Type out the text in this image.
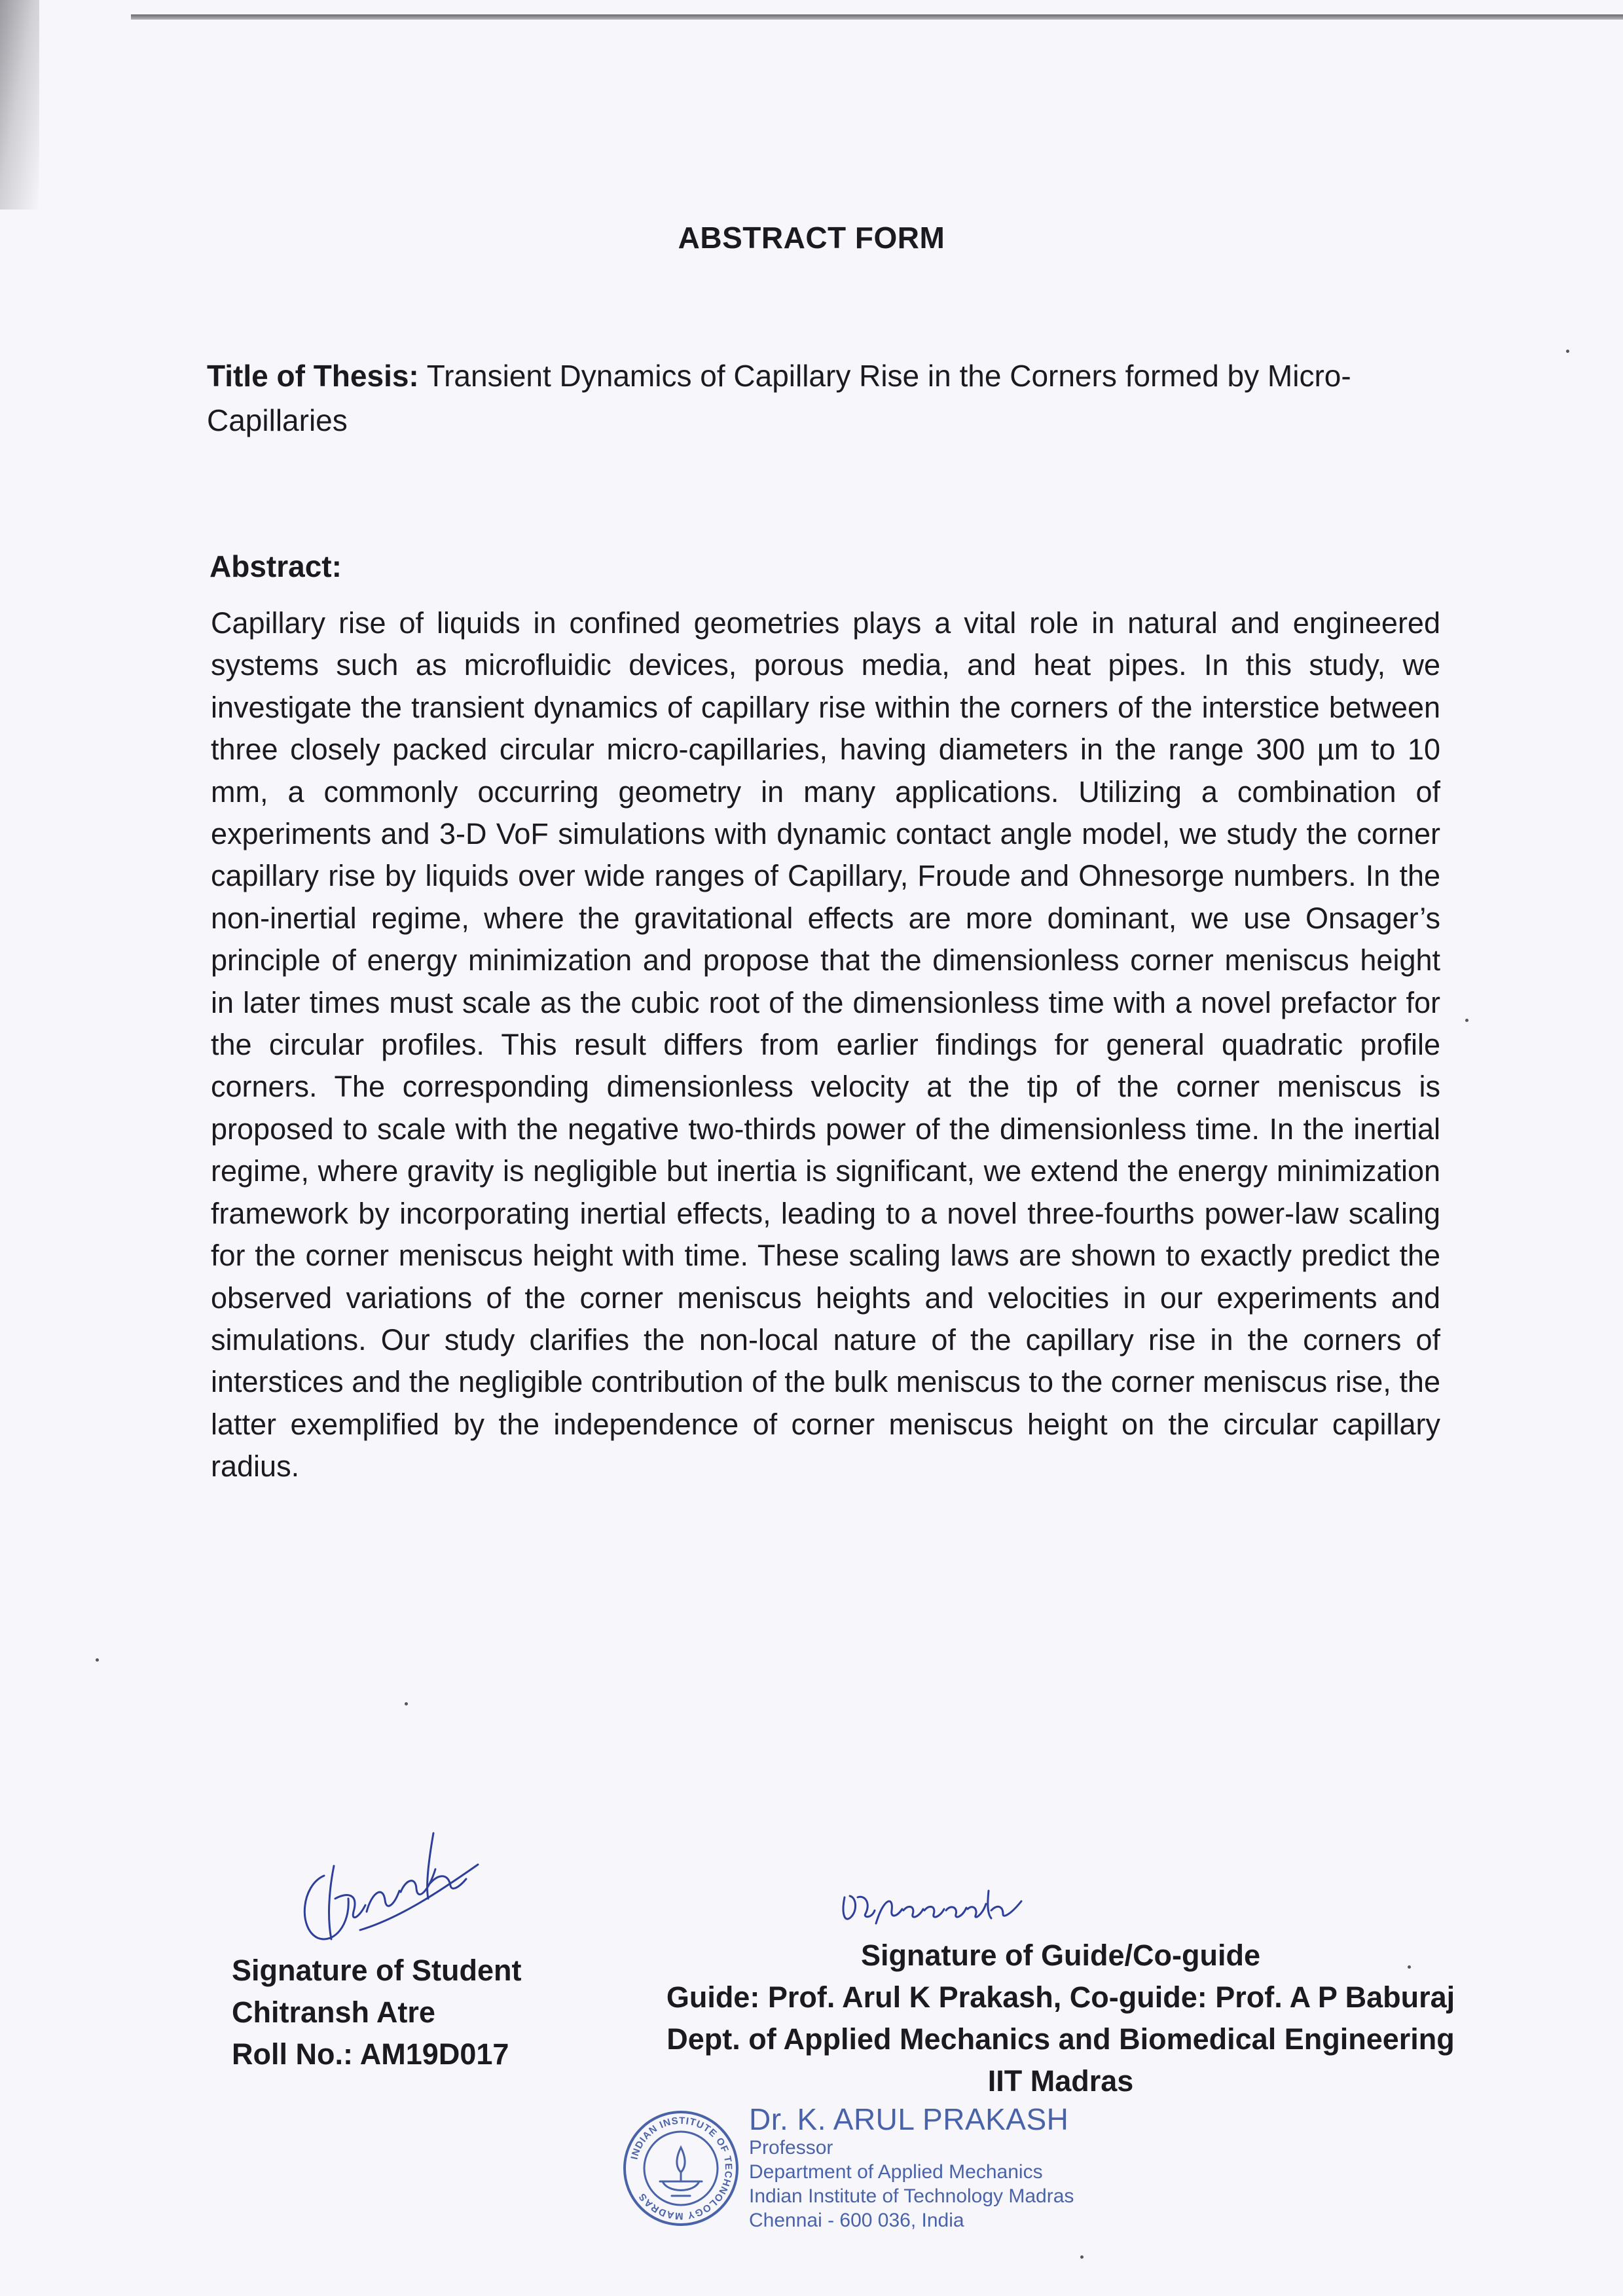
ABSTRACT FORM
Title of Thesis: Transient Dynamics of Capillary Rise in the Corners formed by Micro-Capillaries
Abstract:
Capillary rise of liquids in confined geometries plays a vital role in natural and engineered systems such as microfluidic devices, porous media, and heat pipes. In this study, we investigate the transient dynamics of capillary rise within the corners of the interstice between three closely packed circular micro-capillaries, having diameters in the range 300 µm to 10 mm, a commonly occurring geometry in many applications. Utilizing a combination of experiments and 3-D VoF simulations with dynamic contact angle model, we study the corner capillary rise by liquids over wide ranges of Capillary, Froude and Ohnesorge numbers. In the non-inertial regime, where the gravitational effects are more dominant, we use Onsager’s principle of energy minimization and propose that the dimensionless corner meniscus height in later times must scale as the cubic root of the dimensionless time with a novel prefactor for the circular profiles. This result differs from earlier findings for general quadratic profile corners. The corresponding dimensionless velocity at the tip of the corner meniscus is proposed to scale with the negative two-thirds power of the dimensionless time. In the inertial regime, where gravity is negligible but inertia is significant, we extend the energy minimization framework by incorporating inertial effects, leading to a novel three-fourths power-law scaling for the corner meniscus height with time. These scaling laws are shown to exactly predict the observed variations of the corner meniscus heights and velocities in our experiments and simulations. Our study clarifies the non-local nature of the capillary rise in the corners of interstices and the negligible contribution of the bulk meniscus to the corner meniscus rise, the latter exemplified by the independence of corner meniscus height on the circular capillary radius.
Signature of Student
Chitransh Atre
Roll No.: AM19D017
Signature of Guide/Co-guide
Guide: Prof. Arul K Prakash, Co-guide: Prof. A P Baburaj
Dept. of Applied Mechanics and Biomedical Engineering
IIT Madras
INDIAN INSTITUTE OF TECHNOLOGY MADRAS
Dr. K. ARUL PRAKASH
Professor
Department of Applied Mechanics
Indian Institute of Technology Madras
Chennai - 600 036, India
